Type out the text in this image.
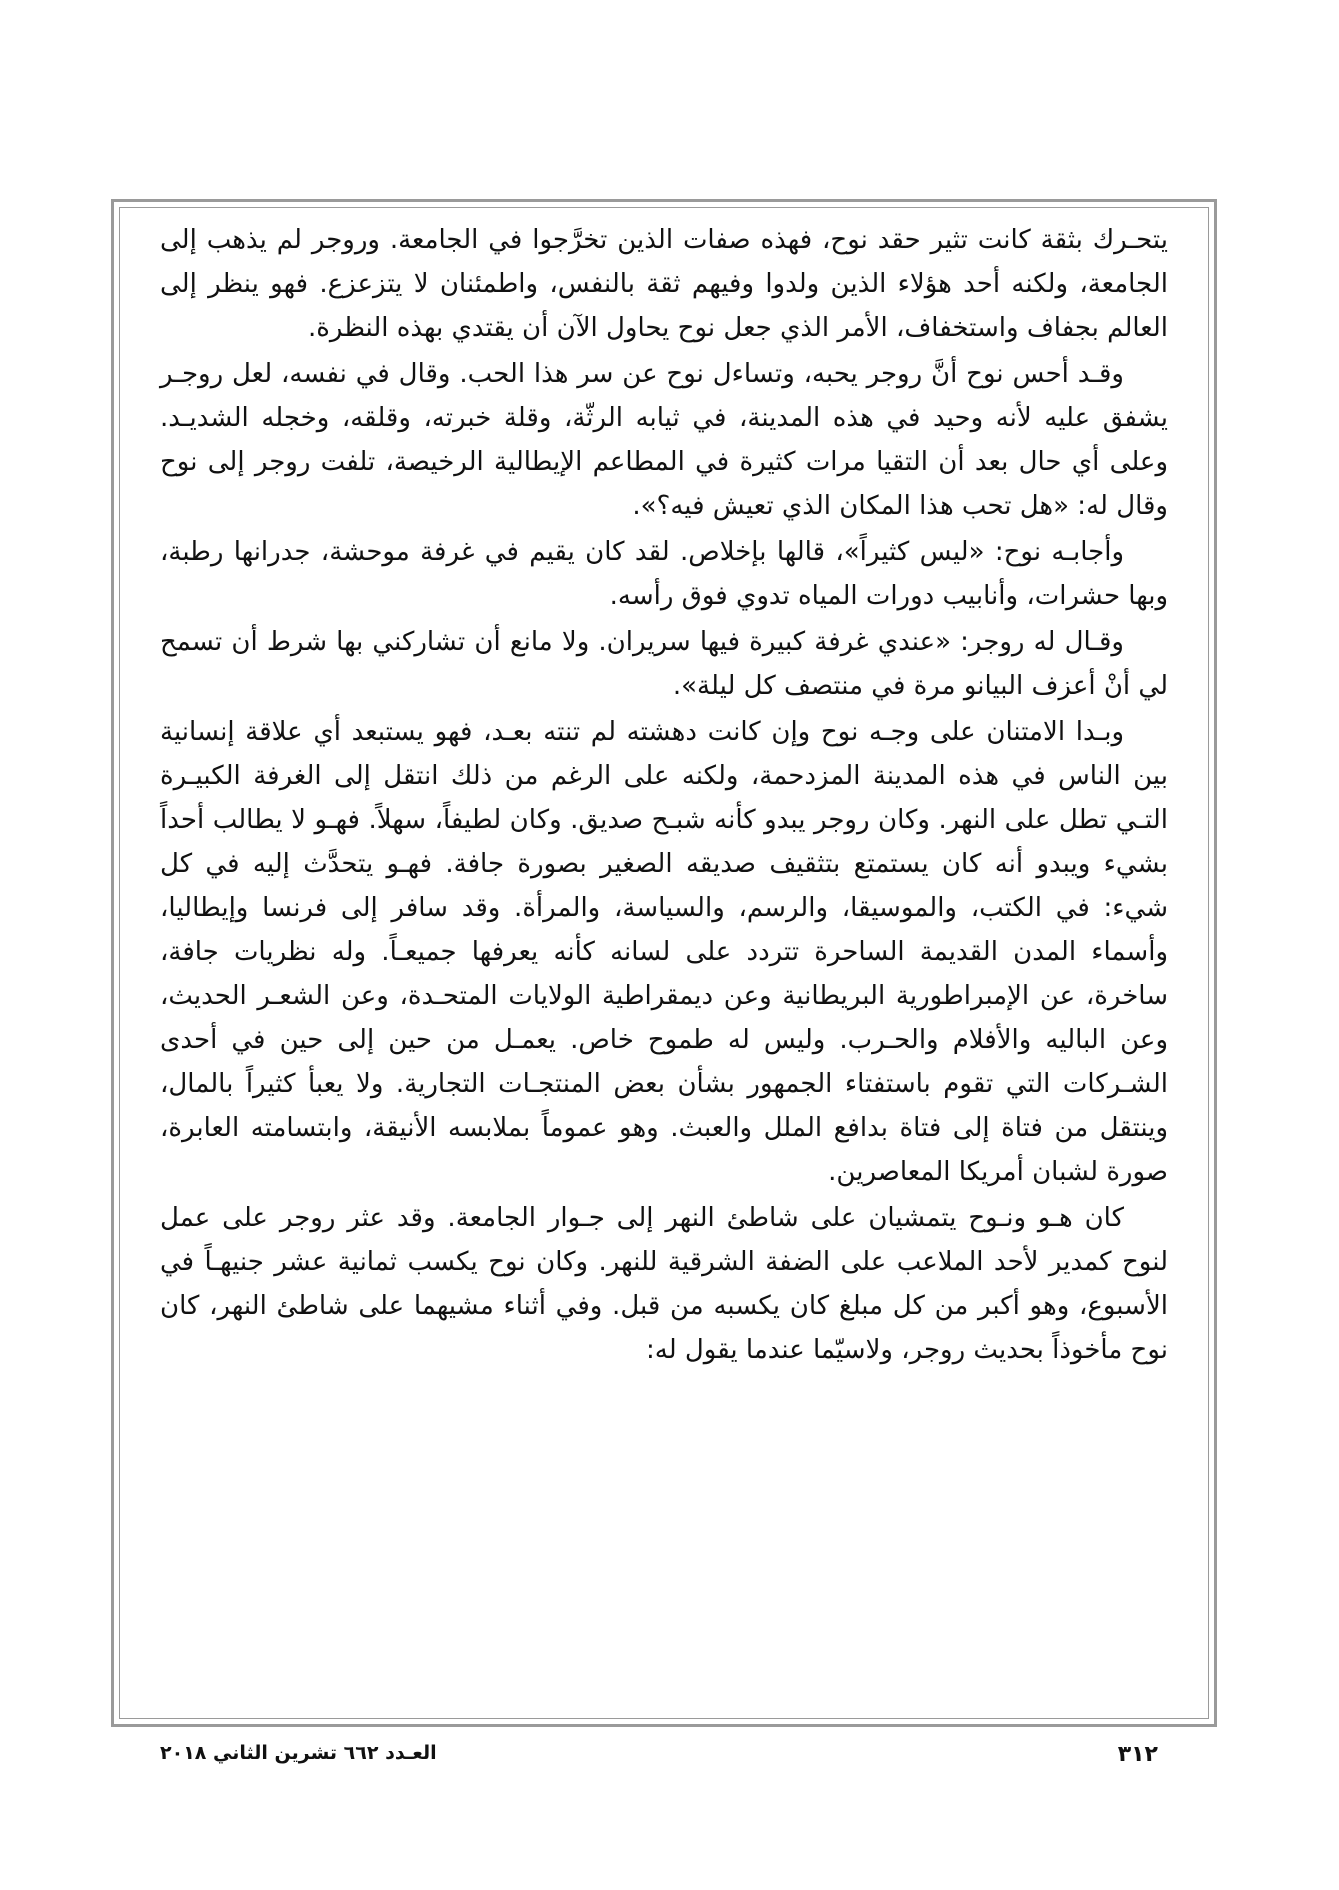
يتحـرك بثقة كانت تثير حقد نوح، فهذه صفات الذين تخرَّجوا في الجامعة. وروجر لم يذهب إلى الجامعة، ولكنه أحد هؤلاء الذين ولدوا وفيهم ثقة بالنفس، واطمئنان لا يتزعزع. فهو ينظر إلى العالم بجفاف واستخفاف، الأمر الذي جعل نوح يحاول الآن أن يقتدي بهذه النظرة.

وقـد أحس نوح أنَّ روجر يحبه، وتساءل نوح عن سر هذا الحب. وقال في نفسه، لعل روجـر يشفق عليه لأنه وحيد في هذه المدينة، في ثيابه الرثّة، وقلة خبرته، وقلقه، وخجله الشديـد. وعلى أي حال بعد أن التقيا مرات كثيرة في المطاعم الإيطالية الرخيصة، تلفت روجر إلى نوح وقال له: «هل تحب هذا المكان الذي تعيش فيه؟».

وأجابـه نوح: «ليس كثيراً»، قالها بإخلاص. لقد كان يقيم في غرفة موحشة، جدرانها رطبة، وبها حشرات، وأنابيب دورات المياه تدوي فوق رأسه.

وقـال له روجر: «عندي غرفة كبيرة فيها سريران. ولا مانع أن تشاركني بها شرط أن تسمح لي أنْ أعزف البيانو مرة في منتصف كل ليلة».

وبـدا الامتنان على وجـه نوح وإن كانت دهشته لم تنته بعـد، فهو يستبعد أي علاقة إنسانية بين الناس في هذه المدينة المزدحمة، ولكنه على الرغم من ذلك انتقل إلى الغرفة الكبيـرة التـي تطل على النهر. وكان روجر يبدو كأنه شبـح صديق. وكان لطيفاً، سهلاً. فهـو لا يطالب أحداً بشيء ويبدو أنه كان يستمتع بتثقيف صديقه الصغير بصورة جافة. فهـو يتحدَّث إليه في كل شيء: في الكتب، والموسيقا، والرسم، والسياسة، والمرأة. وقد سافر إلى فرنسا وإيطاليا، وأسماء المدن القديمة الساحرة تتردد على لسانه كأنه يعرفها جميعـاً. وله نظريات جافة، ساخرة، عن الإمبراطورية البريطانية وعن ديمقراطية الولايات المتحـدة، وعن الشعـر الحديث، وعن الباليه والأفلام والحـرب. وليس له طموح خاص. يعمـل من حين إلى حين في أحدى الشـركات التي تقوم باستفتاء الجمهور بشأن بعض المنتجـات التجارية. ولا يعبأ كثيراً بالمال، وينتقل من فتاة إلى فتاة بدافع الملل والعبث. وهو عموماً بملابسه الأنيقة، وابتسامته العابرة، صورة لشبان أمريكا المعاصرين.

كان هـو ونـوح يتمشيان على شاطئ النهر إلى جـوار الجامعة. وقد عثر روجر على عمل لنوح كمدير لأحد الملاعب على الضفة الشرقية للنهر. وكان نوح يكسب ثمانية عشر جنيهـاً في الأسبوع، وهو أكبر من كل مبلغ كان يكسبه من قبل. وفي أثناء مشيهما على شاطئ النهر، كان نوح مأخوذاً بحديث روجر، ولاسيّما عندما يقول له:

العـدد ٦٦٢ تشرين الثاني ٢٠١٨	٣١٢
